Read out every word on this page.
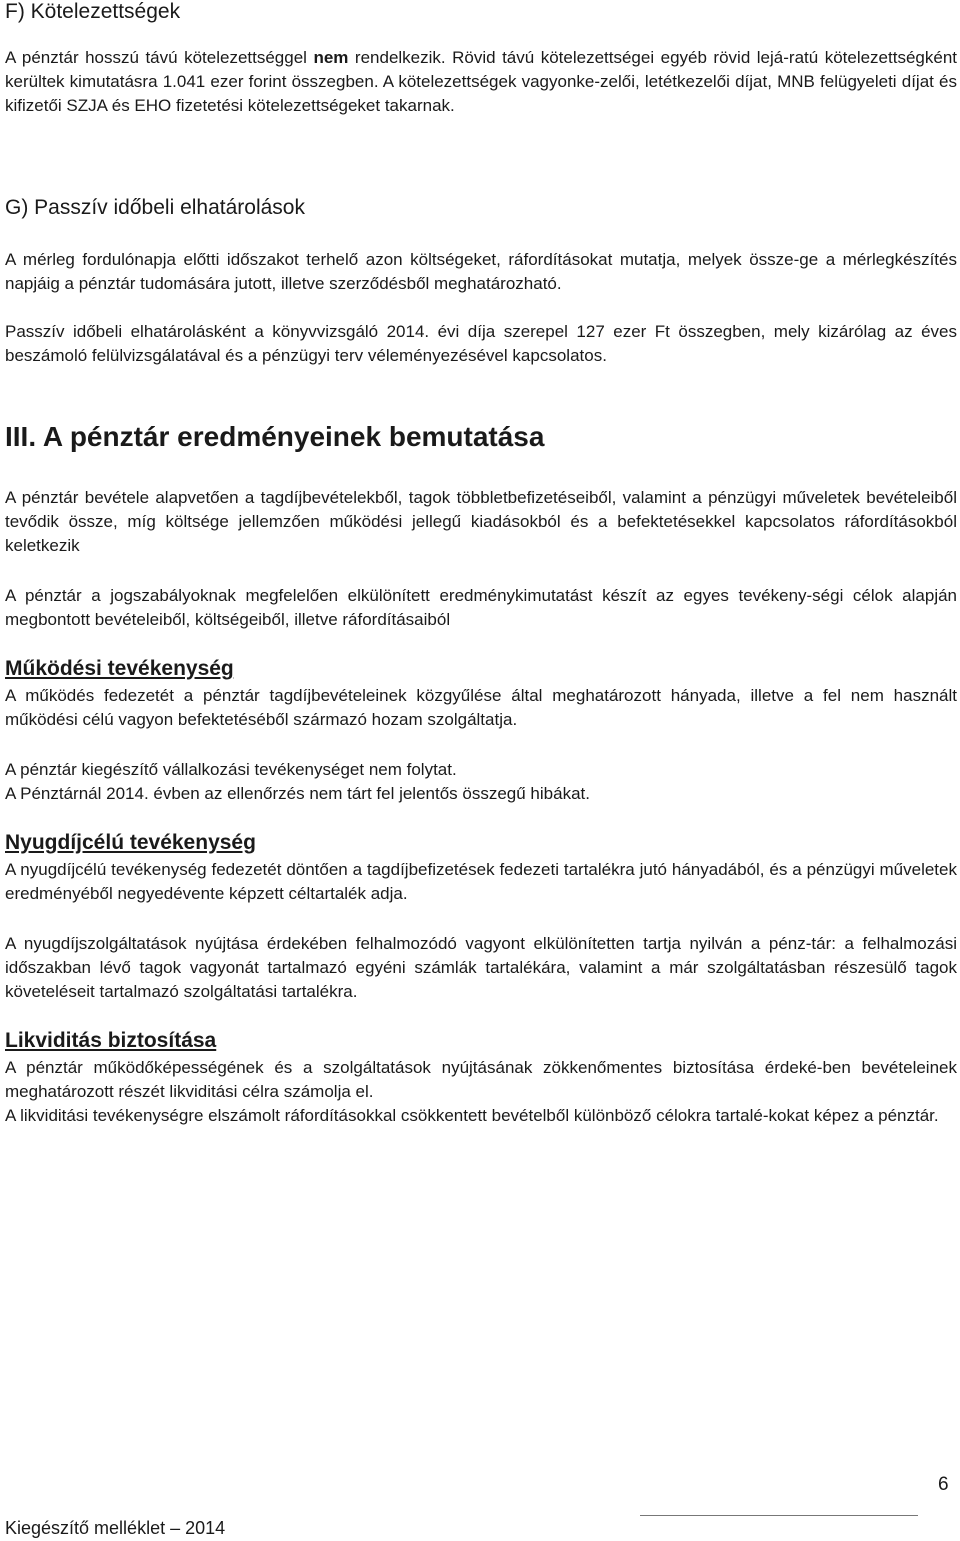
F) Kötelezettségek

A pénztár hosszú távú kötelezettséggel nem rendelkezik. Rövid távú kötelezettségei egyéb rövid lejá-ratú kötelezettségként kerültek kimutatásra 1.041 ezer forint összegben. A kötelezettségek vagyonke-zelői, letétkezelői díjat, MNB felügyeleti díjat és kifizetői SZJA és EHO fizetetési kötelezettségeket takarnak.

G) Passzív időbeli elhatárolások

A mérleg fordulónapja előtti időszakot terhelő azon költségeket, ráfordításokat mutatja, melyek össze-ge a mérlegkészítés napjáig a pénztár tudomására jutott, illetve szerződésből meghatározható.

Passzív időbeli elhatárolásként a könyvvizsgáló 2014. évi díja szerepel 127 ezer Ft összegben, mely kizárólag az éves beszámoló felülvizsgálatával és a pénzügyi terv véleményezésével kapcsolatos.

III. A pénztár eredményeinek bemutatása

A pénztár bevétele alapvetően a tagdíjbevételekből, tagok többletbefizetéseiből, valamint a pénzügyi műveletek bevételeiből tevődik össze, míg költsége jellemzően működési jellegű kiadásokból és a befektetésekkel kapcsolatos ráfordításokból keletkezik

A pénztár a jogszabályoknak megfelelően elkülönített eredménykimutatást készít az egyes tevékeny-ségi célok alapján megbontott bevételeiből, költségeiből, illetve ráfordításaiból

Működési tevékenység

A működés fedezetét a pénztár tagdíjbevételeinek közgyűlése által meghatározott hányada, illetve a fel nem használt működési célú vagyon befektetéséből származó hozam szolgáltatja.

A pénztár kiegészítő vállalkozási tevékenységet nem folytat.

A Pénztárnál 2014. évben az ellenőrzés nem tárt fel jelentős összegű hibákat.

Nyugdíjcélú tevékenység

A nyugdíjcélú tevékenység fedezetét döntően a tagdíjbefizetések fedezeti tartalékra jutó hányadából, és a pénzügyi műveletek eredményéből negyedévente képzett céltartalék adja.

A nyugdíjszolgáltatások nyújtása érdekében felhalmozódó vagyont elkülönítetten tartja nyilván a pénz-tár: a felhalmozási időszakban lévő tagok vagyonát tartalmazó egyéni számlák tartalékára, valamint a már szolgáltatásban részesülő tagok követeléseit tartalmazó szolgáltatási tartalékra.

Likviditás biztosítása

A pénztár működőképességének és a szolgáltatások nyújtásának zökkenőmentes biztosítása érdeké-ben bevételeinek meghatározott részét likviditási célra számolja el.

A likviditási tevékenységre elszámolt ráfordításokkal csökkentett bevételből különböző célokra tartalé-kokat képez a pénztár.

6
Kiegészítő melléklet – 2014
